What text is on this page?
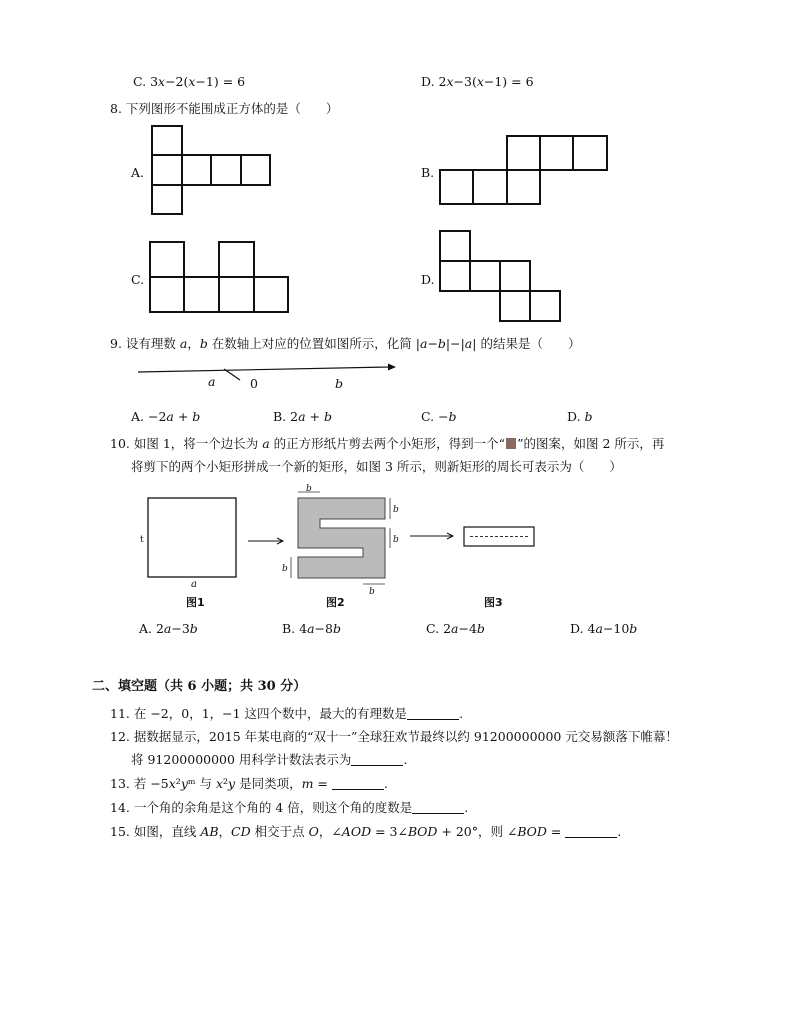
C. 3𝑥−2(𝑥−1) = 6	D. 2𝑥−3(𝑥−1) = 6
8. 下列图形不能围成正方体的是（　　）
A.	B.
C.	D.
9. 设有理数 𝑎，𝑏 在数轴上对应的位置如图所示，化简 |𝑎−𝑏|−|𝑎| 的结果是（　　）
𝑎	0	𝑏
A. −2𝑎 + 𝑏	B. 2𝑎 + 𝑏	C. −𝑏	D. 𝑏
10. 如图 1，将一个边长为 𝑎 的正方形纸片剪去两个小矩形，得到一个“ ”的图案，如图 2 所示，再
将剪下的两个小矩形拼成一个新的矩形，如图 3 所示，则新矩形的周长可表示为（　　）
t
𝑎
𝑏
𝑏
𝑏
𝑏
𝑏
图1	图2	图3
A. 2𝑎−3𝑏	B. 4𝑎−8𝑏	C. 2𝑎−4𝑏	D. 4𝑎−10𝑏
二、填空题（共 6 小题；共 30 分）
11. 在 −2，0，1，−1 这四个数中，最大的有理数是	.
12. 据数据显示，2015 年某电商的“双十一”全球狂欢节最终以约 91200000000 元交易额落下帷幕！
将 91200000000 用科学计数法表示为	.
13. 若 −5𝑥²𝑦ᵐ 与 𝑥²𝑦 是同类项，𝑚 =	.
14. 一个角的余角是这个角的 4 倍，则这个角的度数是	.
15. 如图，直线 𝐴𝐵，𝐶𝐷 相交于点 𝑂，∠𝐴𝑂𝐷 = 3∠𝐵𝑂𝐷 + 20°，则 ∠𝐵𝑂𝐷 =	.
